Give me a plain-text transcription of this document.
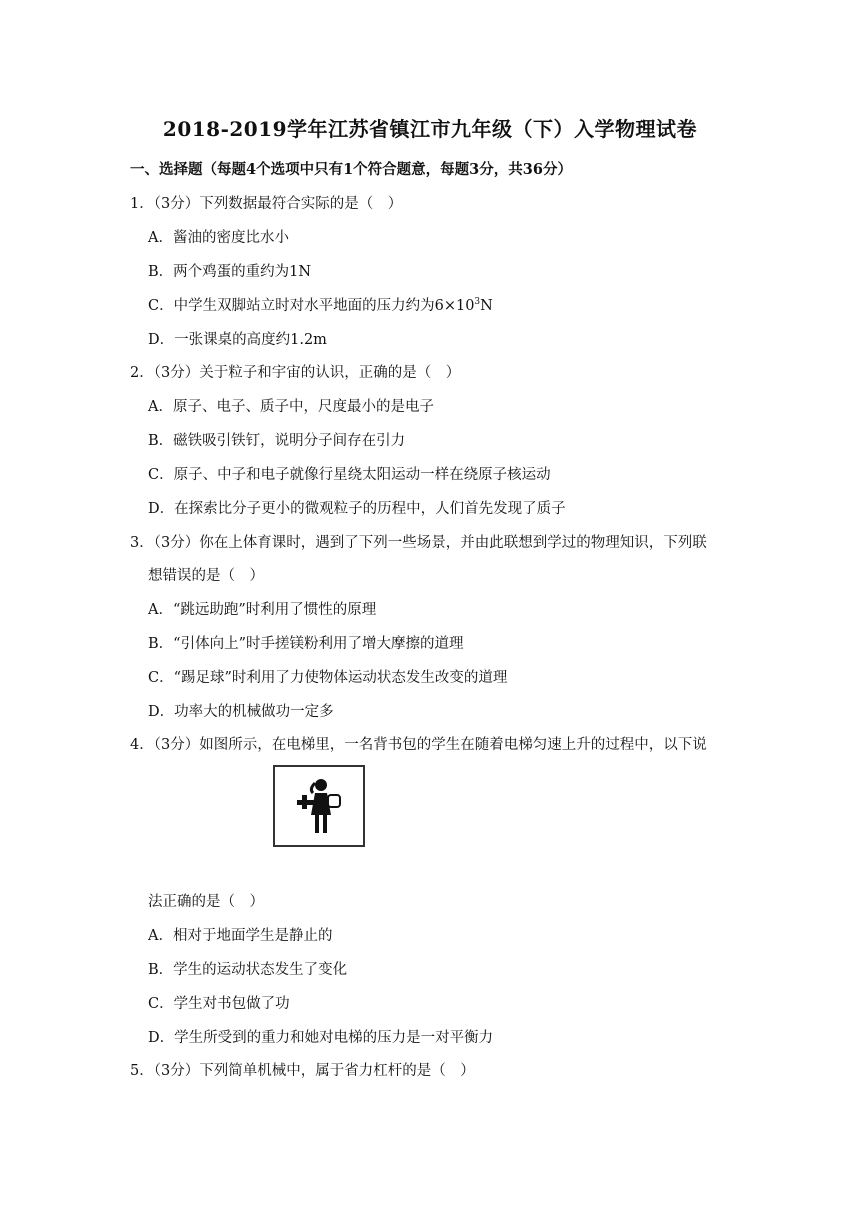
2018-2019学年江苏省镇江市九年级（下）入学物理试卷
一、选择题（每题4个选项中只有1个符合题意，每题3分，共36分）
1．（3分）下列数据最符合实际的是（　）
A．酱油的密度比水小
B．两个鸡蛋的重约为1N
C．中学生双脚站立时对水平地面的压力约为$6\times 10^3N$
D．一张课桌的高度约1.2m
2．（3分）关于粒子和宇宙的认识，正确的是（　）
A．原子、电子、质子中，尺度最小的是电子
B．磁铁吸引铁钉，说明分子间存在引力
C．原子、中子和电子就像行星绕太阳运动一样在绕原子核运动
D．在探索比分子更小的微观粒子的历程中，人们首先发现了质子
3．（3分）你在上体育课时，遇到了下列一些场景，并由此联想到学过的物理知识，下列联
想错误的是（　）
A．“跳远助跑”时利用了惯性的原理
B．“引体向上”时手搓镁粉利用了增大摩擦的道理
C．“踢足球”时利用了力使物体运动状态发生改变的道理
D．功率大的机械做功一定多
4．（3分）如图所示，在电梯里，一名背书包的学生在随着电梯匀速上升的过程中，以下说
法正确的是（　）
A．相对于地面学生是静止的
B．学生的运动状态发生了变化
C．学生对书包做了功
D．学生所受到的重力和她对电梯的压力是一对平衡力
5．（3分）下列简单机械中，属于省力杠杆的是（　）
